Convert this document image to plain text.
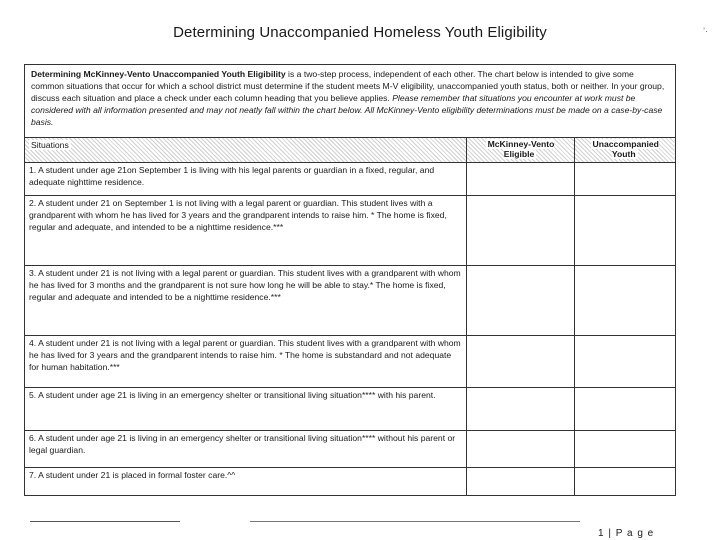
Determining Unaccompanied Homeless Youth Eligibility	’·
Determining McKinney-Vento Unaccompanied Youth Eligibility is a two-step process, independent of each other. The chart below is intended to give some common situations that occur for which a school district must determine if the student meets M-V eligibility, unaccompanied youth status, both or neither. In your group, discuss each situation and place a check under each column heading that you believe applies. Please remember that situations you encounter at work must be considered with all information presented and may not neatly fall within the chart below. All McKinney-Vento eligibility determinations must be made on a case-by-case basis.
Situations	McKinney-Vento Eligible	Unaccompanied Youth
1. A student under age 21on September 1 is living with his legal parents or guardian in a fixed, regular, and adequate nighttime residence.		
2. A student under 21 on September 1 is not living with a legal parent or guardian. This student lives with a grandparent with whom he has lived for 3 years and the grandparent intends to raise him. * The home is fixed, regular and adequate, and intended to be a nighttime residence.***		
3. A student under 21 is not living with a legal parent or guardian. This student lives with a grandparent with whom he has lived for 3 months and the grandparent is not sure how long he will be able to stay.* The home is fixed, regular and adequate and intended to be a nighttime residence.***		
4. A student under 21 is not living with a legal parent or guardian. This student lives with a grandparent with whom he has lived for 3 years and the grandparent intends to raise him. * The home is substandard and not adequate for human habitation.***		
5. A student under age 21 is living in an emergency shelter or transitional living situation**** with his parent.		
6. A student under age 21 is living in an emergency shelter or transitional living situation**** without his parent or legal guardian.		
7. A student under 21 is placed in formal foster care.^^		
1 | P a g e
